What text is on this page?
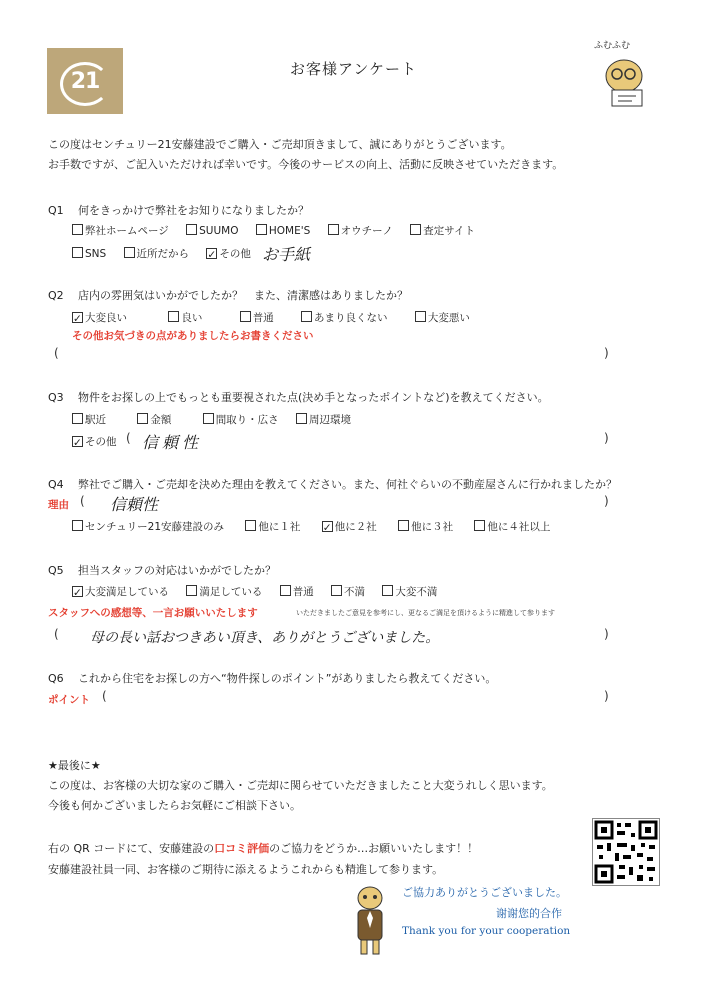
21	お客様アンケート
ふむふむ
この度はセンチュリー21安藤建設でご購入・ご売却頂きまして、誠にありがとうございます。
お手数ですが、ご記入いただければ幸いです。今後のサービスの向上、活動に反映させていただきます。
Q1 何をきっかけで弊社をお知りになりましたか？
弊社ホームページ	SUUMO	HOME'S	オウチーノ	査定サイト
SNS	近所だから ✓ その他 お手紙
Q2 店内の雰囲気はいかがでしたか？　また、清潔感はありましたか？
✓ 大変良い	良い	普通	あまり良くない	大変悪い
その他お気づきの点がありましたらお書きください
(	)
Q3 物件をお探しの上でもっとも重要視された点(決め手となったポイントなど)を教えてください。
駅近	金額	間取り・広さ	周辺環境
✓ その他 ( 信頼性	)
Q4 弊社でご購入・ご売却を決めた理由を教えてください。また、何社ぐらいの不動産屋さんに行かれましたか？
理由 ( 信頼性	)
センチュリー21安藤建設のみ	他に１社 ✓ 他に２社	他に３社	他に４社以上
Q5 担当スタッフの対応はいかがでしたか？
✓ 大変満足している	満足している	普通	不満	大変不満
スタッフへの感想等、一言お願いいたします	いただきましたご意見を参考にし、更なるご満足を頂けるように精進して参ります
( 母の長い話おつきあい頂き、ありがとうございました。	)
Q6 これから住宅をお探しの方へ“物件探しのポイント”がありましたら教えてください。
ポイント (	)
★最後に★
この度は、お客様の大切な家のご購入・ご売却に関らせていただきましたこと大変うれしく思います。
今後も何かございましたらお気軽にご相談下さい。
右の QR コードにて、安藤建設の口コミ評価のご協力をどうか…お願いいたします！！
安藤建設社員一同、お客様のご期待に添えるようこれからも精進して参ります。
ご協力ありがとうございました。
谢谢您的合作
Thank you for your cooperation
